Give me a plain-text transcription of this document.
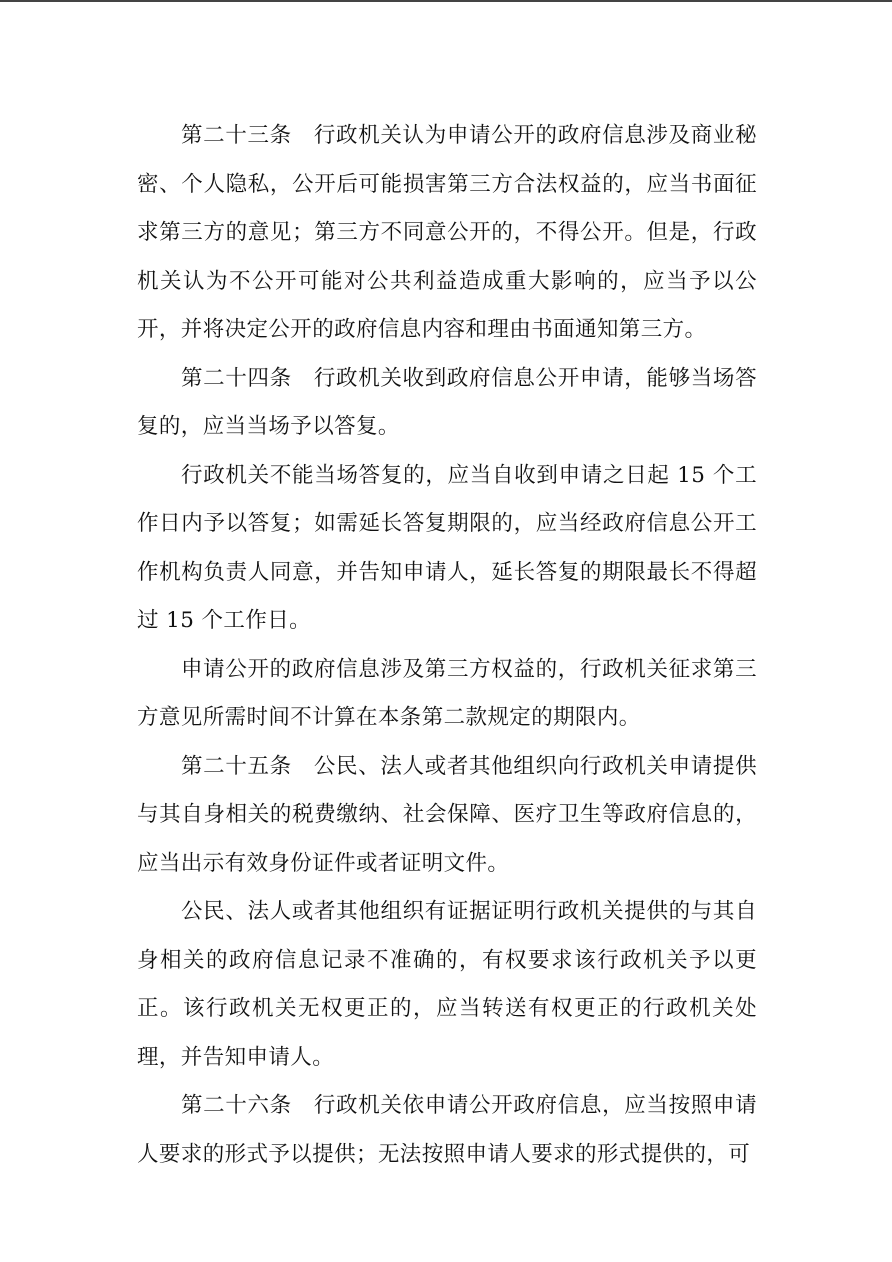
第二十三条 行政机关认为申请公开的政府信息涉及商业秘密、个人隐私，公开后可能损害第三方合法权益的，应当书面征求第三方的意见；第三方不同意公开的，不得公开。但是，行政机关认为不公开可能对公共利益造成重大影响的，应当予以公开，并将决定公开的政府信息内容和理由书面通知第三方。

第二十四条 行政机关收到政府信息公开申请，能够当场答复的，应当当场予以答复。

行政机关不能当场答复的，应当自收到申请之日起 15 个工作日内予以答复；如需延长答复期限的，应当经政府信息公开工作机构负责人同意，并告知申请人，延长答复的期限最长不得超过 15 个工作日。

申请公开的政府信息涉及第三方权益的，行政机关征求第三方意见所需时间不计算在本条第二款规定的期限内。

第二十五条 公民、法人或者其他组织向行政机关申请提供与其自身相关的税费缴纳、社会保障、医疗卫生等政府信息的，应当出示有效身份证件或者证明文件。

公民、法人或者其他组织有证据证明行政机关提供的与其自身相关的政府信息记录不准确的，有权要求该行政机关予以更正。该行政机关无权更正的，应当转送有权更正的行政机关处理，并告知申请人。

第二十六条 行政机关依申请公开政府信息，应当按照申请人要求的形式予以提供；无法按照申请人要求的形式提供的，可
